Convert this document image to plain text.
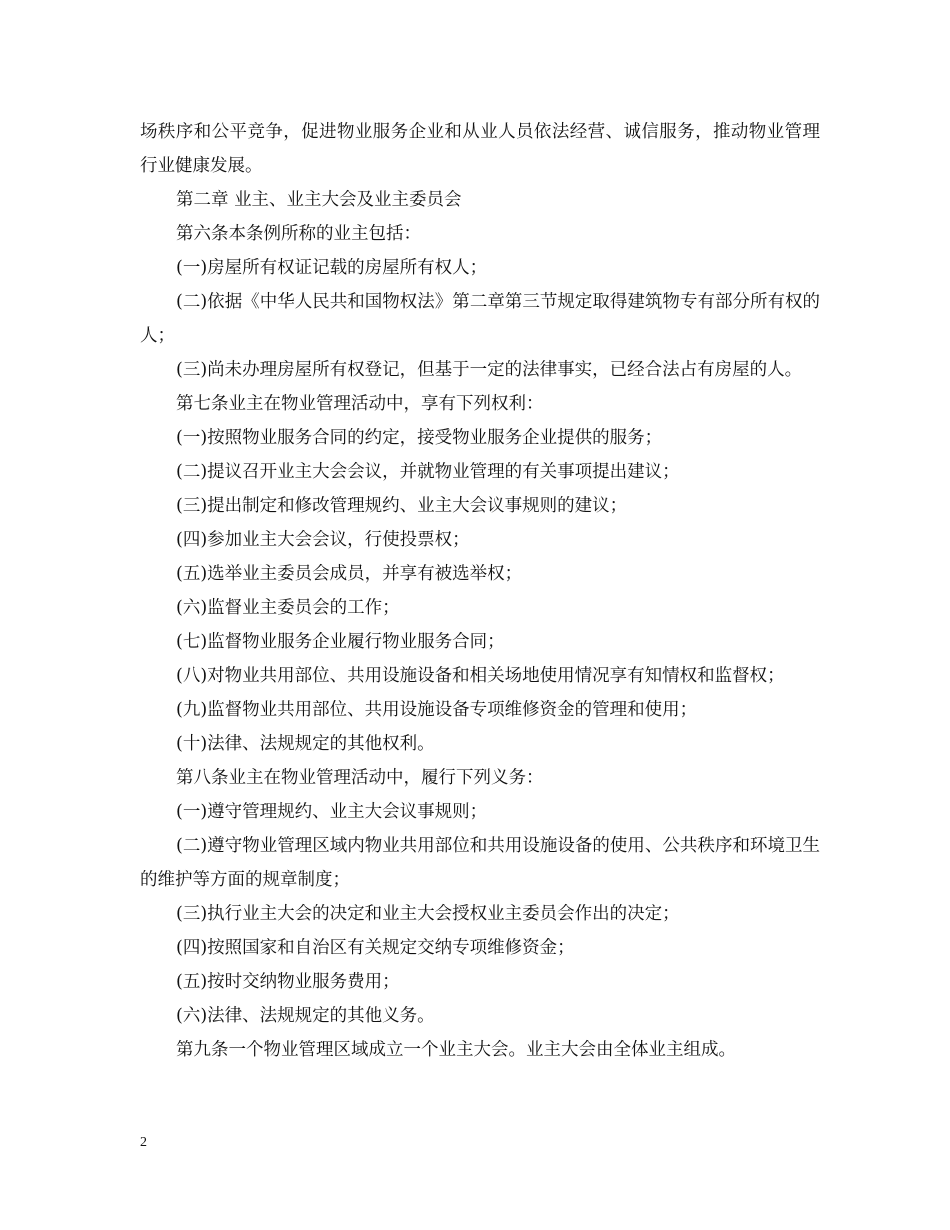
场秩序和公平竞争，促进物业服务企业和从业人员依法经营、诚信服务，推动物业管理行业健康发展。

第二章 业主、业主大会及业主委员会

第六条本条例所称的业主包括：

(一)房屋所有权证记载的房屋所有权人；

(二)依据《中华人民共和国物权法》第二章第三节规定取得建筑物专有部分所有权的人；

(三)尚未办理房屋所有权登记，但基于一定的法律事实，已经合法占有房屋的人。

第七条业主在物业管理活动中，享有下列权利：

(一)按照物业服务合同的约定，接受物业服务企业提供的服务；

(二)提议召开业主大会会议，并就物业管理的有关事项提出建议；

(三)提出制定和修改管理规约、业主大会议事规则的建议；

(四)参加业主大会会议，行使投票权；

(五)选举业主委员会成员，并享有被选举权；

(六)监督业主委员会的工作；

(七)监督物业服务企业履行物业服务合同；

(八)对物业共用部位、共用设施设备和相关场地使用情况享有知情权和监督权；

(九)监督物业共用部位、共用设施设备专项维修资金的管理和使用；

(十)法律、法规规定的其他权利。

第八条业主在物业管理活动中，履行下列义务：

(一)遵守管理规约、业主大会议事规则；

(二)遵守物业管理区域内物业共用部位和共用设施设备的使用、公共秩序和环境卫生的维护等方面的规章制度；

(三)执行业主大会的决定和业主大会授权业主委员会作出的决定；

(四)按照国家和自治区有关规定交纳专项维修资金；

(五)按时交纳物业服务费用；

(六)法律、法规规定的其他义务。

第九条一个物业管理区域成立一个业主大会。业主大会由全体业主组成。

2
